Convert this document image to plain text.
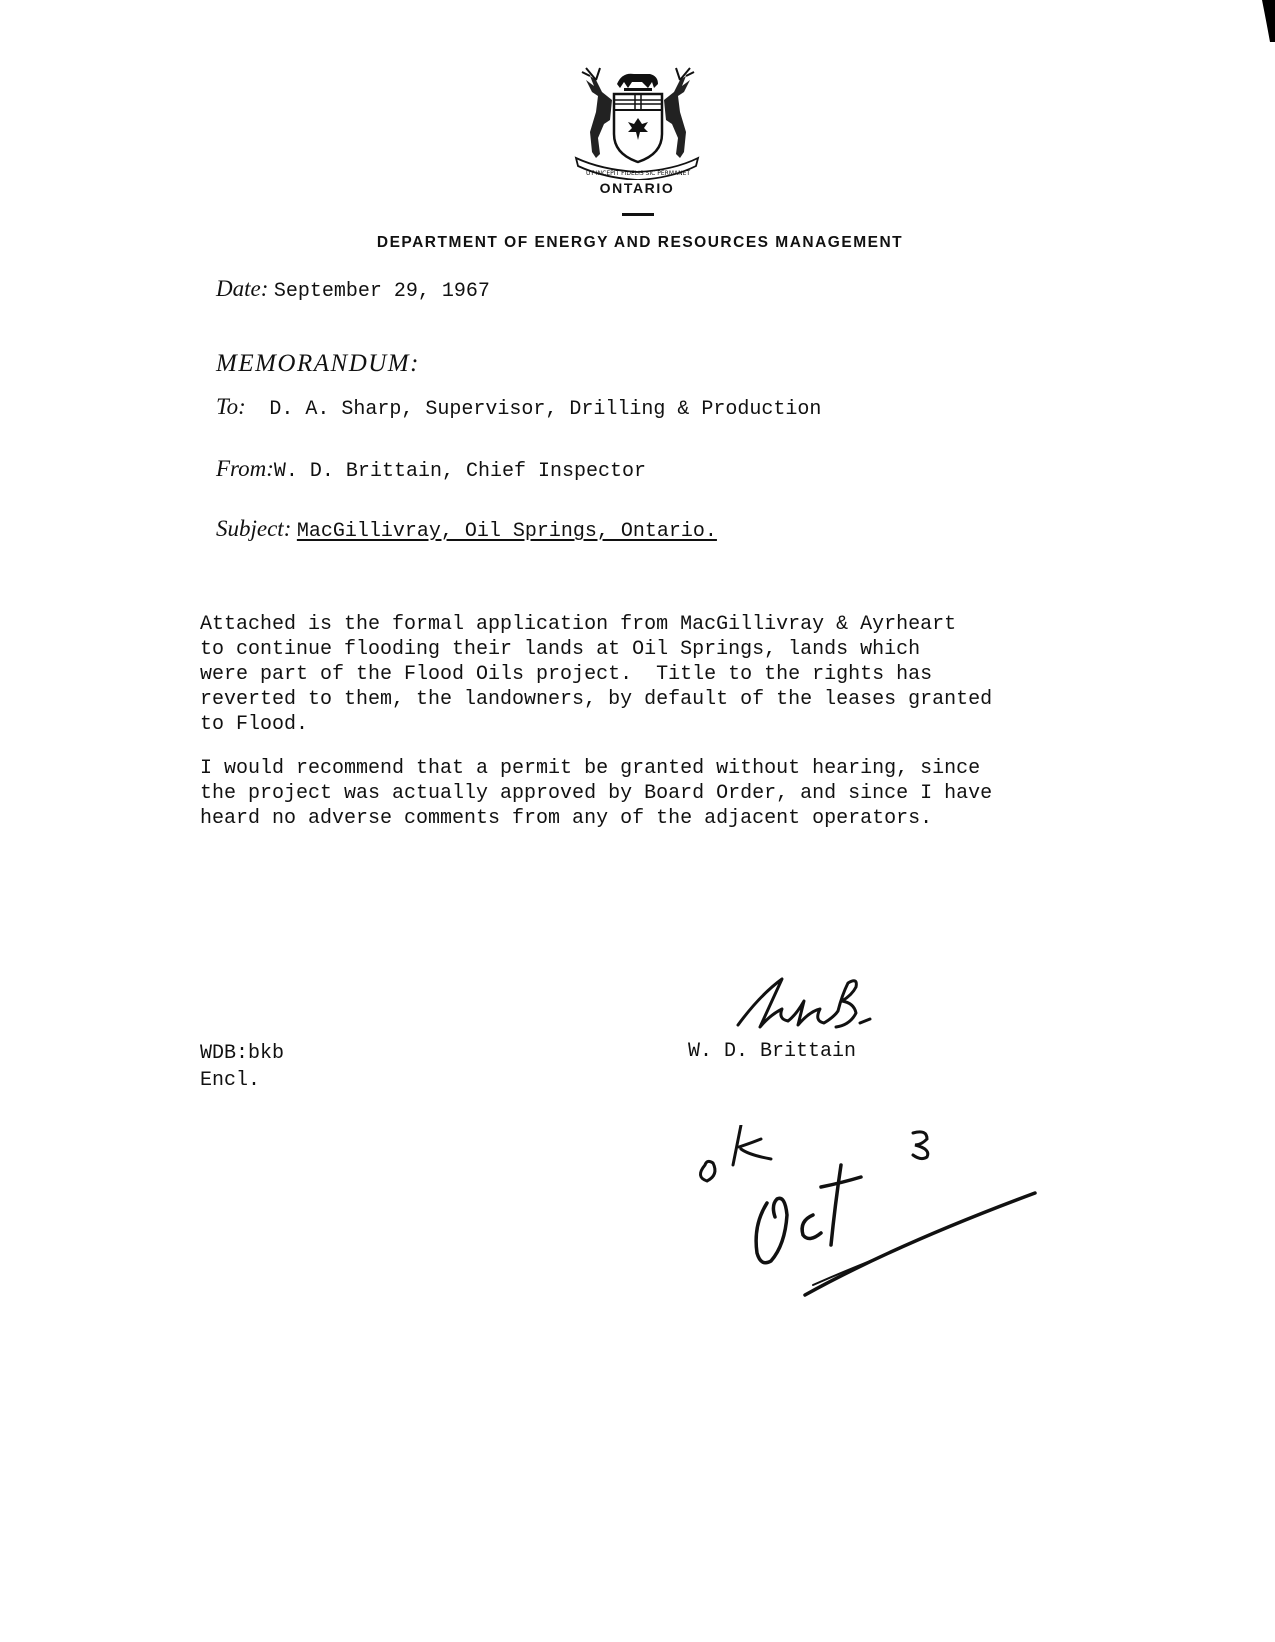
UT INCEPIT FIDELIS SIC PERMANET
ONTARIO
DEPARTMENT OF ENERGY AND RESOURCES MANAGEMENT
Date: September 29, 1967
MEMORANDUM:
To: D. A. Sharp, Supervisor, Drilling & Production
From:W. D. Brittain, Chief Inspector
Subject: MacGillivray, Oil Springs, Ontario.
Attached is the formal application from MacGillivray & Ayrheart
to continue flooding their lands at Oil Springs, lands which
were part of the Flood Oils project.  Title to the rights has
reverted to them, the landowners, by default of the leases granted
to Flood.
I would recommend that a permit be granted without hearing, since
the project was actually approved by Board Order, and since I have
heard no adverse comments from any of the adjacent operators.
WDB:bkb
Encl.
W. D. Brittain
